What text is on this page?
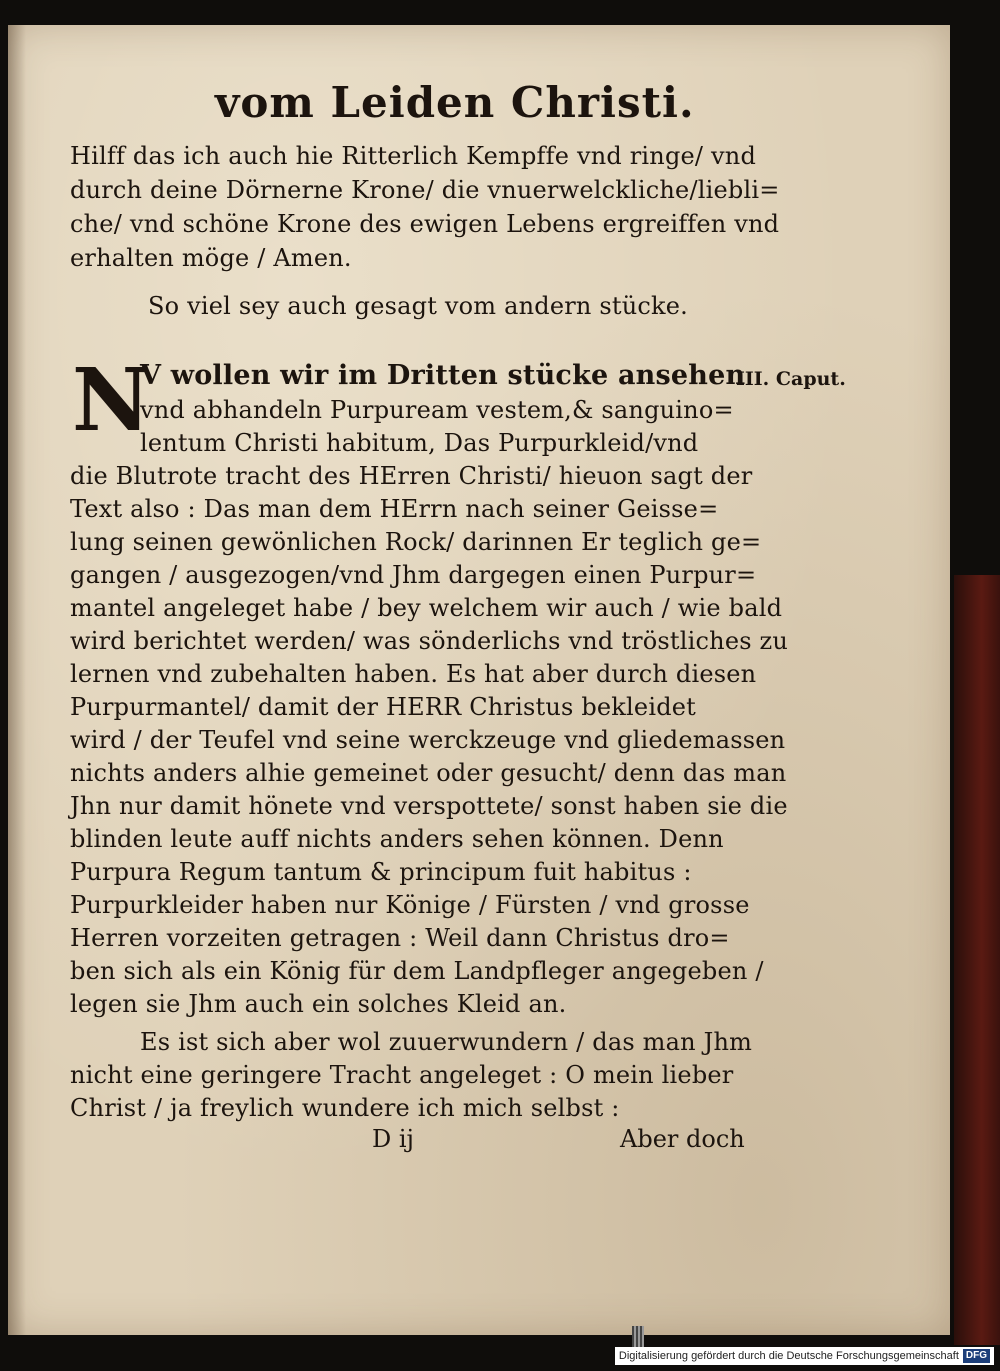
vom Leiden Christi.
Hilff das ich auch hie Ritterlich Kempffe vnd ringe/ vnd
durch deine Dörnerne Krone/ die vnuerwelckliche/liebli=
che/ vnd schöne Krone des ewigen Lebens ergreiffen vnd
erhalten möge / Amen.
So viel sey auch gesagt vom andern stücke.
N	III. Caput.
V wollen wir im Dritten stücke ansehen
vnd abhandeln Purpuream vestem,& sanguino=
lentum Christi habitum, Das Purpurkleid/vnd
die Blutrote tracht des HErren Christi/ hieuon sagt der
Text also : Das man dem HErrn nach seiner Geisse=
lung seinen gewönlichen Rock/ darinnen Er teglich ge=
gangen / ausgezogen/vnd Jhm dargegen einen Purpur=
mantel angeleget habe / bey welchem wir auch / wie bald
wird berichtet werden/ was sönderlichs vnd tröstliches zu
lernen vnd zubehalten haben. Es hat aber durch diesen
Purpurmantel/ damit der HERR Christus bekleidet
wird / der Teufel vnd seine werckzeuge vnd gliedemassen
nichts anders alhie gemeinet oder gesucht/ denn das man
Jhn nur damit hönete vnd verspottete/ sonst haben sie die
blinden leute auff nichts anders sehen können. Denn
Purpura Regum tantum & principum fuit habitus :
Purpurkleider haben nur Könige / Fürsten / vnd grosse
Herren vorzeiten getragen : Weil dann Christus dro=
ben sich als ein König für dem Landpfleger angegeben /
legen sie Jhm auch ein solches Kleid an.
Es ist sich aber wol zuuerwundern / das man Jhm
nicht eine geringere Tracht angeleget : O mein lieber
Christ / ja freylich wundere ich mich selbst :
D ij	Aber doch
Digitalisierung gefördert durch die Deutsche Forschungsgemeinschaft DFG
